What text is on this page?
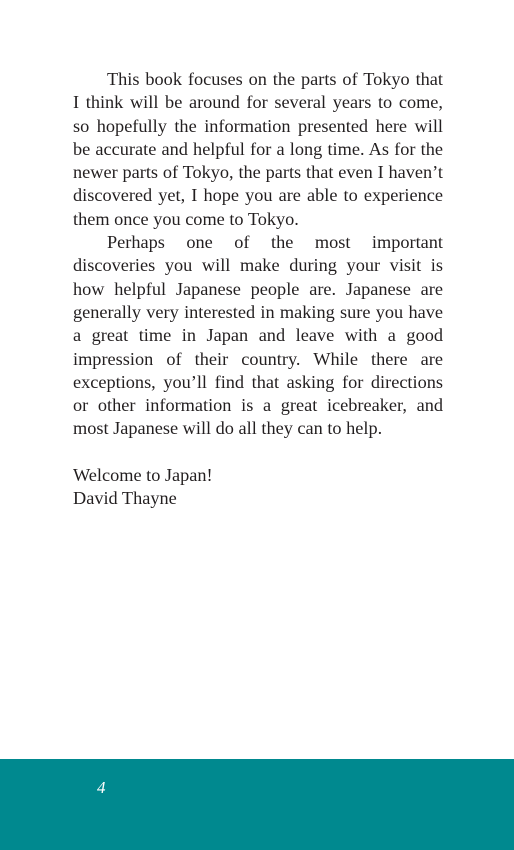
This book focuses on the parts of Tokyo that I think will be around for several years to come, so hopefully the information presented here will be accurate and helpful for a long time. As for the newer parts of Tokyo, the parts that even I haven’t discovered yet, I hope you are able to experience them once you come to Tokyo.

Perhaps one of the most important discoveries you will make during your visit is how helpful Japanese people are. Japanese are generally very interested in making sure you have a great time in Japan and leave with a good impression of their country. While there are exceptions, you’ll find that asking for directions or other information is a great icebreaker, and most Japanese will do all they can to help.

Welcome to Japan!
David Thayne
4
